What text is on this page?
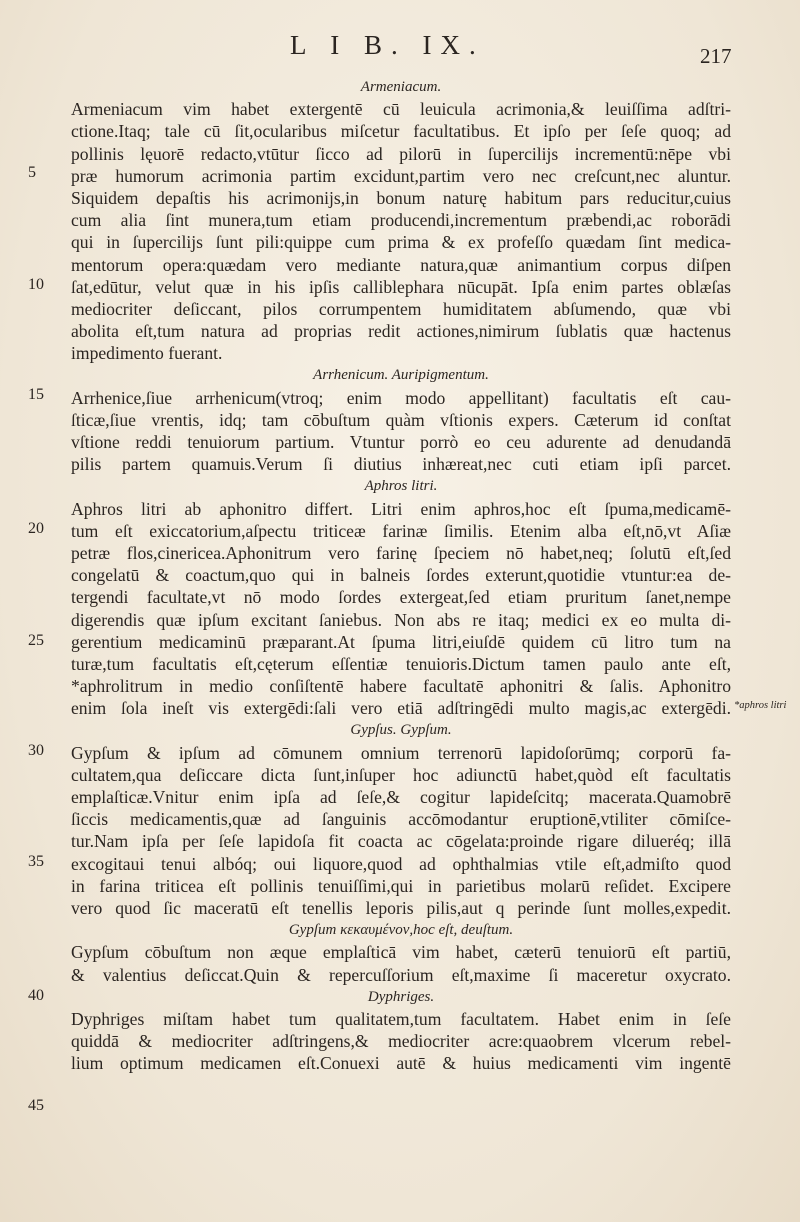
L I B. IX.	217
Armeniacum.
Armeniacum vim habet extergentē cū leuicula acrimonia,& leuiſſima adſtri-
ctione.Itaq; tale cū ſit,ocularibus miſcetur facultatibus. Et ipſo per ſeſe quoq; ad
pollinis lęuorē redacto,vtūtur ſicco ad pilorū in ſupercilijs incrementū:nēpe vbi
præ humorum acrimonia partim excidunt,partim vero nec creſcunt,nec aluntur.
Siquidem depaſtis his acrimonijs,in bonum naturę habitum pars reducitur,cuius
cum alia ſint munera,tum etiam producendi,incrementum præbendi,ac roborādi
qui in ſupercilijs ſunt pili:quippe cum prima & ex profeſſo quædam ſint medica-
mentorum opera:quædam vero mediante natura,quæ animantium corpus diſpen
ſat,edūtur, velut quæ in his ipſis calliblephara nūcupāt. Ipſa enim partes oblæſas
mediocriter deſiccant, pilos corrumpentem humiditatem abſumendo, quæ vbi
abolita eſt,tum natura ad proprias redit actiones,nimirum ſublatis quæ hactenus
impedimento fuerant.
Arrhenicum. Auripigmentum.
Arrhenice,ſiue arrhenicum(vtroq; enim modo appellitant) facultatis eſt cau-
ſticæ,ſiue vrentis, idq; tam cōbuſtum quàm vſtionis expers. Cæterum id conſtat
vſtione reddi tenuiorum partium. Vtuntur porrò eo ceu adurente ad denudandā
pilis partem quamuis.Verum ſi diutius inhæreat,nec cuti etiam ipſi parcet.
Aphros litri.
Aphros litri ab aphonitro differt. Litri enim aphros,hoc eſt ſpuma,medicamē-
tum eſt exiccatorium,aſpectu triticeæ farinæ ſimilis. Etenim alba eſt,nō,vt Aſiæ
petræ flos,cinericea.Aphonitrum vero farinę ſpeciem nō habet,neq; ſolutū eſt,ſed
congelatū & coactum,quo qui in balneis ſordes exterunt,quotidie vtuntur:ea de-
tergendi facultate,vt nō modo ſordes extergeat,ſed etiam pruritum ſanet,nempe
digerendis quæ ipſum excitant ſaniebus. Non abs re itaq; medici ex eo multa di-
gerentium medicaminū præparant.At ſpuma litri,eiuſdē quidem cū litro tum na
turæ,tum facultatis eſt,cęterum eſſentiæ tenuioris.Dictum tamen paulo ante eſt,
*aphrolitrum in medio conſiſtentē habere facultatē aphonitri & ſalis. Aphonitro
enim ſola ineſt vis extergēdi:ſali vero etiā adſtringēdi multo magis,ac extergēdi.
Gypſus. Gypſum.
Gypſum & ipſum ad cōmunem omnium terrenorū lapidoſorūmq; corporū fa-
cultatem,qua deſiccare dicta ſunt,inſuper hoc adiunctū habet,quòd eſt facultatis
emplaſticæ.Vnitur enim ipſa ad ſeſe,& cogitur lapideſcitq; macerata.Quamobrē
ſiccis medicamentis,quæ ad ſanguinis accōmodantur eruptionē,vtiliter cōmiſce-
tur.Nam ipſa per ſeſe lapidoſa fit coacta ac cōgelata:proinde rigare dilueréq; illā
excogitaui tenui albóq; oui liquore,quod ad ophthalmias vtile eſt,admiſto quod
in farina triticea eſt pollinis tenuiſſimi,qui in parietibus molarū reſidet. Excipere
vero quod ſic maceratū eſt tenellis leporis pilis,aut q perinde ſunt molles,expedit.
Gypſum κεκαυμένον,hoc eſt, deuſtum.
Gypſum cōbuſtum non æque emplaſticā vim habet, cæterū tenuiorū eſt partiū,
& valentius deſiccat.Quin & repercuſſorium eſt,maxime ſi maceretur oxycrato.
Dyphriges.
Dyphriges miſtam habet tum qualitatem,tum facultatem. Habet enim in ſeſe
quiddā & mediocriter adſtringens,& mediocriter acre:quaobrem vlcerum rebel-
lium optimum medicamen eſt.Conuexi autē & huius medicamenti vim ingentē
5
10
15
20
25
30
35
40
45
*aphros litri
